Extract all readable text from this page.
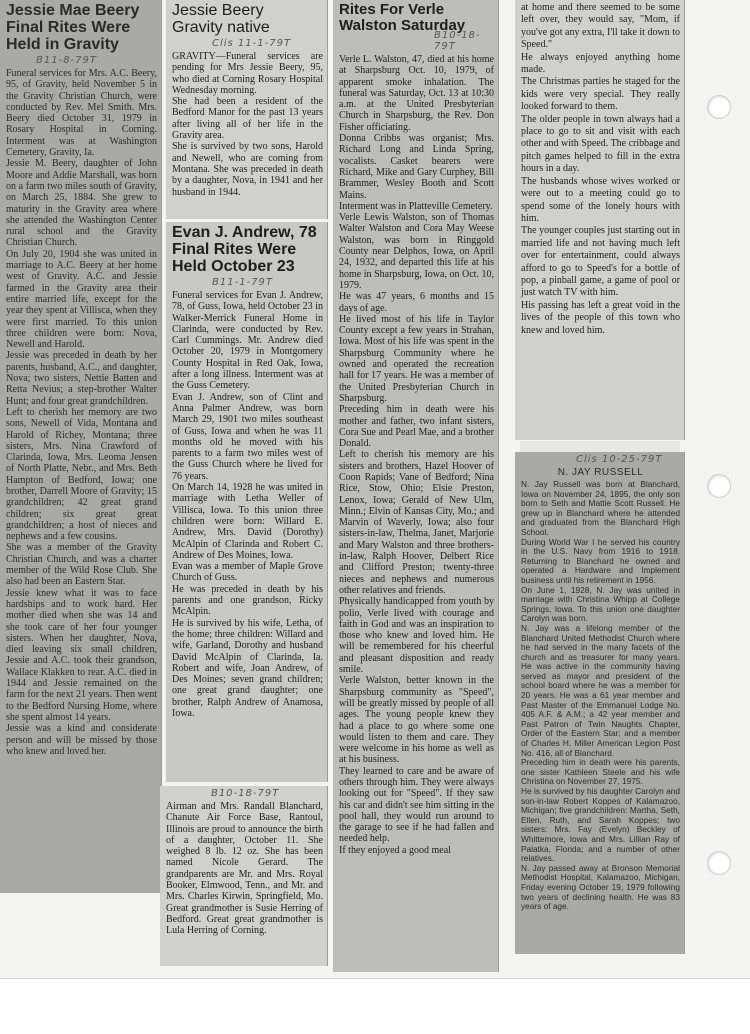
Jessie Mae Beery
Final Rites Were
Held in Gravity
B11-8-79T
Funeral services for Mrs. A.C. Beery, 95, of Gravity, held November 5 in the Gravity Christian Church, were conducted by Rev. Mel Smith. Mrs. Beery died October 31, 1979 in Rosary Hospital in Corning. Interment was at Washington Cemetery, Gravity, Ia.
Jessie M. Beery, daughter of John Moore and Addie Marshall, was born on a farm two miles south of Gravity, on March 25, 1884. She grew to maturity in the Gravity area where she attended the Washington Center rural school and the Gravity Christian Church.
On July 20, 1904 she was united in marriage to A.C. Beery at her home west of Gravity. A.C. and Jessie farmed in the Gravity area their entire married life, except for the year they spent at Villisca, when they were first married. To this union three children were born: Nova, Newell and Harold.
Jessie was preceded in death by her parents, husband, A.C., and daughter, Nova; two sisters, Nettie Batten and Retta Nevius; a step-brother Walter Hunt; and four great grandchildren.
Left to cherish her memory are two sons, Newell of Vida, Montana and Harold of Richey, Montana; three sisters, Mrs. Nina Crawford of Clarinda, Iowa, Mrs. Leoma Jensen of North Platte, Nebr., and Mrs. Beth Hampton of Bedford, Iowa; one brother, Darrell Moore of Gravity; 15 grandchildren; 42 great grand children; six great great grandchildren; a host of nieces and nephews and a few cousins.
She was a member of the Gravity Christian Church, and was a charter member of the Wild Rose Club. She also had been an Eastern Star.
Jessie knew what it was to face hardships and to work hard. Her mother died when she was 14 and she took care of her four younger sisters. When her daughter, Nova, died leaving six small children, Jessie and A.C. took their grandson, Wallace Klakken to rear. A.C. died in 1944 and Jessie remained on the farm for the next 21 years. Then went to the Bedford Nursing Home, where she spent almost 14 years.
Jessie was a kind and considerate person and will be missed by those who knew and loved her.
Jessie Beery
Gravity native
Clis 11-1-79T
GRAVITY—Funeral services are pending for Mrs Jessie Beery, 95, who died at Corning Rosary Hospital Wednesday morning.
She had been a resident of the Bedford Manor for the past 13 years after living all of her life in the Gravity area.
She is survived by two sons, Harold and Newell, who are coming from Montana. She was preceded in death by a daughter, Nova, in 1941 and her husband in 1944.
Evan J. Andrew, 78
Final Rites Were
Held October 23
B11-1-79T
Funeral services for Evan J. Andrew, 78, of Guss, Iowa, held October 23 in Walker-Merrick Funeral Home in Clarinda, were conducted by Rev. Carl Cummings. Mr. Andrew died October 20, 1979 in Montgomery County Hospital in Red Oak, Iowa, after a long illness. Interment was at the Guss Cemetery.
Evan J. Andrew, son of Clint and Anna Palmer Andrew, was born March 29, 1901 two miles southeast of Guss, Iowa and when he was 11 months old he moved with his parents to a farm two miles west of the Guss Church where he lived for 76 years.
On March 14, 1928 he was united in marriage with Letha Weller of Villisca, Iowa. To this union three children were born: Willard E. Andrew, Mrs. David (Dorothy) McAlpin of Clarinda and Robert C. Andrew of Des Moines, Iowa.
Evan was a member of Maple Grove Church of Guss.
He was preceded in death by his parents and one grandson, Ricky McAlpin.
He is survived by his wife, Letha, of the home; three children: Willard and wife, Garland, Dorothy and husband David McAlpin of Clarinda, Ia. Robert and wife, Joan Andrew, of Des Moines; seven grand children; one great grand daughter; one brother, Ralph Andrew of Anamosa, Iowa.
B10-18-79T
Airman and Mrs. Randall Blanchard, Chanute Air Force Base, Rantoul, Illinois are proud to announce the birth of a daughter, October 11. She weighed 8 lb. 12 oz. She has been named Nicole Gerard. The grandparents are Mr. and Mrs. Royal Booker, Elmwood, Tenn., and Mr. and Mrs. Charles Kirwin, Springfield, Mo. Great grandmother is Susie Herring of Bedford. Great great grandmother is Lula Herring of Corning.
Rites For Verle
Walston Saturday
B10-18-79T
Verle L. Walston, 47, died at his home at Sharpsburg Oct. 10, 1979, of apparent smoke inhalation. The funeral was Saturday, Oct. 13 at 10:30 a.m. at the United Presbyterian Church in Sharpsburg, the Rev. Don Fisher officiating.
Donna Cribbs was organist; Mrs. Richard Long and Linda Spring, vocalists. Casket bearers were Richard, Mike and Gary Curphey, Bill Brammer, Wesley Booth and Scott Mains.
Interment was in Platteville Cemetery.
Verle Lewis Walston, son of Thomas Walter Walston and Cora May Weese Walston, was born in Ringgold County near Delphos, Iowa, on April 24, 1932, and departed this life at his home in Sharpsburg, Iowa, on Oct. 10, 1979.
He was 47 years, 6 months and 15 days of age.
He lived most of his life in Taylor County except a few years in Strahan, Iowa. Most of his life was spent in the Sharpsburg Community where he owned and operated the recreation hall for 17 years. He was a member of the United Presbyterian Church in Sharpsburg.
Preceding him in death were his mother and father, two infant sisters, Cora Sue and Pearl Mae, and a brother Donald.
Left to cherish his memory are his sisters and brothers, Hazel Hoover of Coon Rapids; Vane of Bedford; Nina Rice, Stow, Ohio; Elsie Preston, Lenox, Iowa; Gerald of New Ulm, Minn.; Elvin of Kansas City, Mo.; and Marvin of Waverly, Iowa; also four sisters-in-law, Thelma, Janet, Marjorie and Mary Walston and three brothers-in-law, Ralph Hoover, Delbert Rice and Clifford Preston; twenty-three nieces and nephews and numerous other relatives and friends.
Physically handicapped from youth by polio, Verle lived with courage and faith in God and was an inspiration to those who knew and loved him. He will be remembered for his cheerful and pleasant disposition and ready smile.
Verle Walston, better known in the Sharpsburg community as "Speed", will be greatly missed by people of all ages. The young people knew they had a place to go where some one would listen to them and care. They were welcome in his home as well as at his business.
They learned to care and be aware of others through him. They were always looking out for "Speed". If they saw his car and didn't see him sitting in the pool hall, they would run around to the garage to see if he had fallen and needed help.
If they enjoyed a good meal
at home and there seemed to be some left over, they would say, "Mom, if you've got any extra, I'll take it down to Speed."
He always enjoyed anything home made.
The Christmas parties he staged for the kids were very special. They really looked forward to them.
The older people in town always had a place to go to sit and visit with each other and with Speed. The cribbage and pitch games helped to fill in the extra hours in a day.
The husbands whose wives worked or were out to a meeting could go to spend some of the lonely hours with him.
The younger couples just starting out in married life and not having much left over for entertainment, could always afford to go to Speed's for a bottle of pop, a pinball game, a game of pool or just watch TV with him.
His passing has left a great void in the lives of the people of this town who knew and loved him.
Clis 10-25-79T
N. JAY RUSSELL
N. Jay Russell was born at Blanchard, Iowa on November 24, 1895, the only son born to Seth and Mattie Scott Russell. He grew up in Blanchard where he attended and graduated from the Blanchard High School.
During World War I he served his country in the U.S. Navy from 1916 to 1918. Returning to Blanchard he owned and operated a Hardware and Implement business until his retirement in 1956.
On June 1, 1928, N. Jay was united in marriage with Christina Whipp at College Springs, Iowa. To this union one daughter Carolyn was born.
N. Jay was a lifelong member of the Blanchard United Methodist Church where he had served in the many facets of the church and as treasurer for many years. He was active in the community having served as mayor and president of the school board where he was a member for 20 years. He was a 61 year member and Past Master of the Emmanuel Lodge No. 405 A.F. & A.M.; a 42 year member and Past Patron of Twin Naughts Chapter, Order of the Eastern Star; and a member of Charles H. Miller American Legion Post No. 416, all of Blanchard.
Preceding him in death were his parents, one sister Kathleen Steele and his wife Christina on November 27, 1975.
He is survived by his daughter Carolyn and son-in-law Robert Koppes of Kalamazoo, Michigan; five grandchildren: Martha, Seth, Ellen, Ruth, and Sarah Koppes; two sisters: Mrs. Fay (Evelyn) Beckley of Whittemore, Iowa and Mrs. Lillian Ray of Palatka, Florida; and a number of other relatives.
N. Jay passed away at Bronson Memorial Methodist Hospital, Kalamazoo, Michigan, Friday evening October 19, 1979 following two years of declining health. He was 83 years of age.
